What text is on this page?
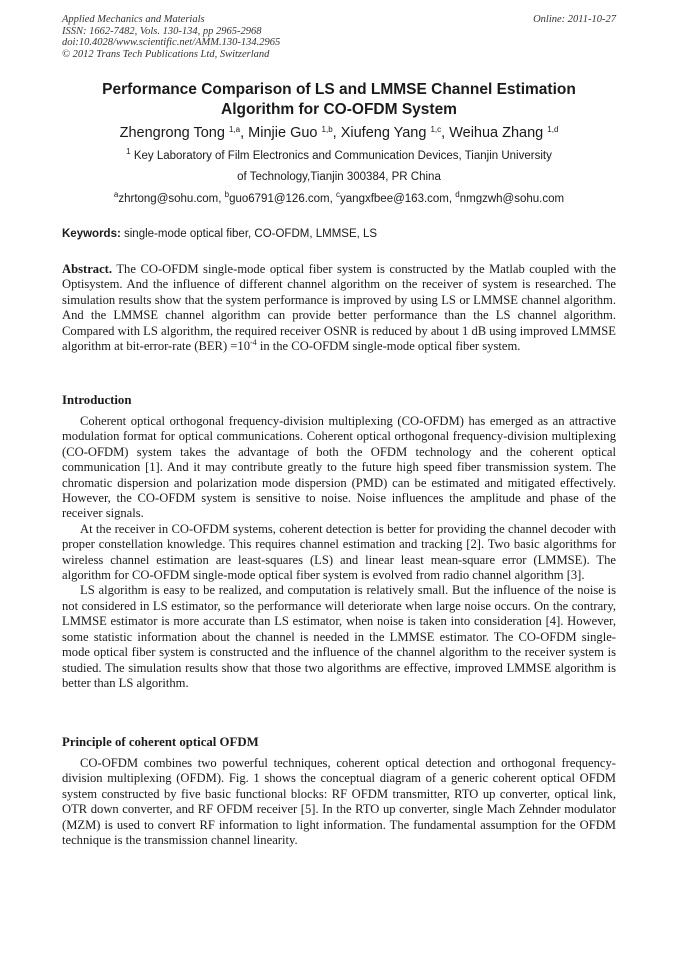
Applied Mechanics and Materials
ISSN: 1662-7482, Vols. 130-134, pp 2965-2968
doi:10.4028/www.scientific.net/AMM.130-134.2965
© 2012 Trans Tech Publications Ltd, Switzerland
Online: 2011-10-27
Performance Comparison of LS and LMMSE Channel Estimation
Algorithm for CO-OFDM System
Zhengrong Tong $^{1,a}$, Minjie Guo $^{1,b}$, Xiufeng Yang $^{1,c}$, Weihua Zhang $^{1,d}$
$^1$ Key Laboratory of Film Electronics and Communication Devices, Tianjin University
of Technology,Tianjin 300384, PR China
$^a$zhrtong@sohu.com, $^b$guo6791@126.com, $^c$yangxfbee@163.com, $^d$nmgzwh@sohu.com
Keywords: single-mode optical fiber, CO-OFDM, LMMSE, LS

Abstract. The CO-OFDM single-mode optical fiber system is constructed by the Matlab coupled with the Optisystem. And the influence of different channel algorithm on the receiver of system is researched. The simulation results show that the system performance is improved by using LS or LMMSE channel algorithm. And the LMMSE channel algorithm can provide better performance than the LS channel algorithm. Compared with LS algorithm, the required receiver OSNR is reduced by about 1 dB using improved LMMSE algorithm at bit-error-rate $(BER) =10^{-4}$ in the CO-OFDM single-mode optical fiber system.

Introduction

Coherent optical orthogonal frequency-division multiplexing (CO-OFDM) has emerged as an attractive modulation format for optical communications. Coherent optical orthogonal frequency-division multiplexing (CO-OFDM) system takes the advantage of both the OFDM technology and the coherent optical communication [1]. And it may contribute greatly to the future high speed fiber transmission system. The chromatic dispersion and polarization mode dispersion (PMD) can be estimated and mitigated effectively. However, the CO-OFDM system is sensitive to noise. Noise influences the amplitude and phase of the receiver signals.

At the receiver in CO-OFDM systems, coherent detection is better for providing the channel decoder with proper constellation knowledge. This requires channel estimation and tracking [2]. Two basic algorithms for wireless channel estimation are least-squares (LS) and linear least mean-square error (LMMSE). The algorithm for CO-OFDM single-mode optical fiber system is evolved from radio channel algorithm [3].

LS algorithm is easy to be realized, and computation is relatively small. But the influence of the noise is not considered in LS estimator, so the performance will deteriorate when large noise occurs. On the contrary, LMMSE estimator is more accurate than LS estimator, when noise is taken into consideration [4]. However, some statistic information about the channel is needed in the LMMSE estimator. The CO-OFDM single-mode optical fiber system is constructed and the influence of the channel algorithm to the receiver system is studied. The simulation results show that those two algorithms are effective, improved LMMSE algorithm is better than LS algorithm.

Principle of coherent optical OFDM

CO-OFDM combines two powerful techniques, coherent optical detection and orthogonal frequency-division multiplexing (OFDM). Fig. 1 shows the conceptual diagram of a generic coherent optical OFDM system constructed by five basic functional blocks: RF OFDM transmitter, RTO up converter, optical link, OTR down converter, and RF OFDM receiver [5]. In the RTO up converter, single Mach Zehnder modulator (MZM) is used to convert RF information to light information. The fundamental assumption for the OFDM technique is the transmission channel linearity.
